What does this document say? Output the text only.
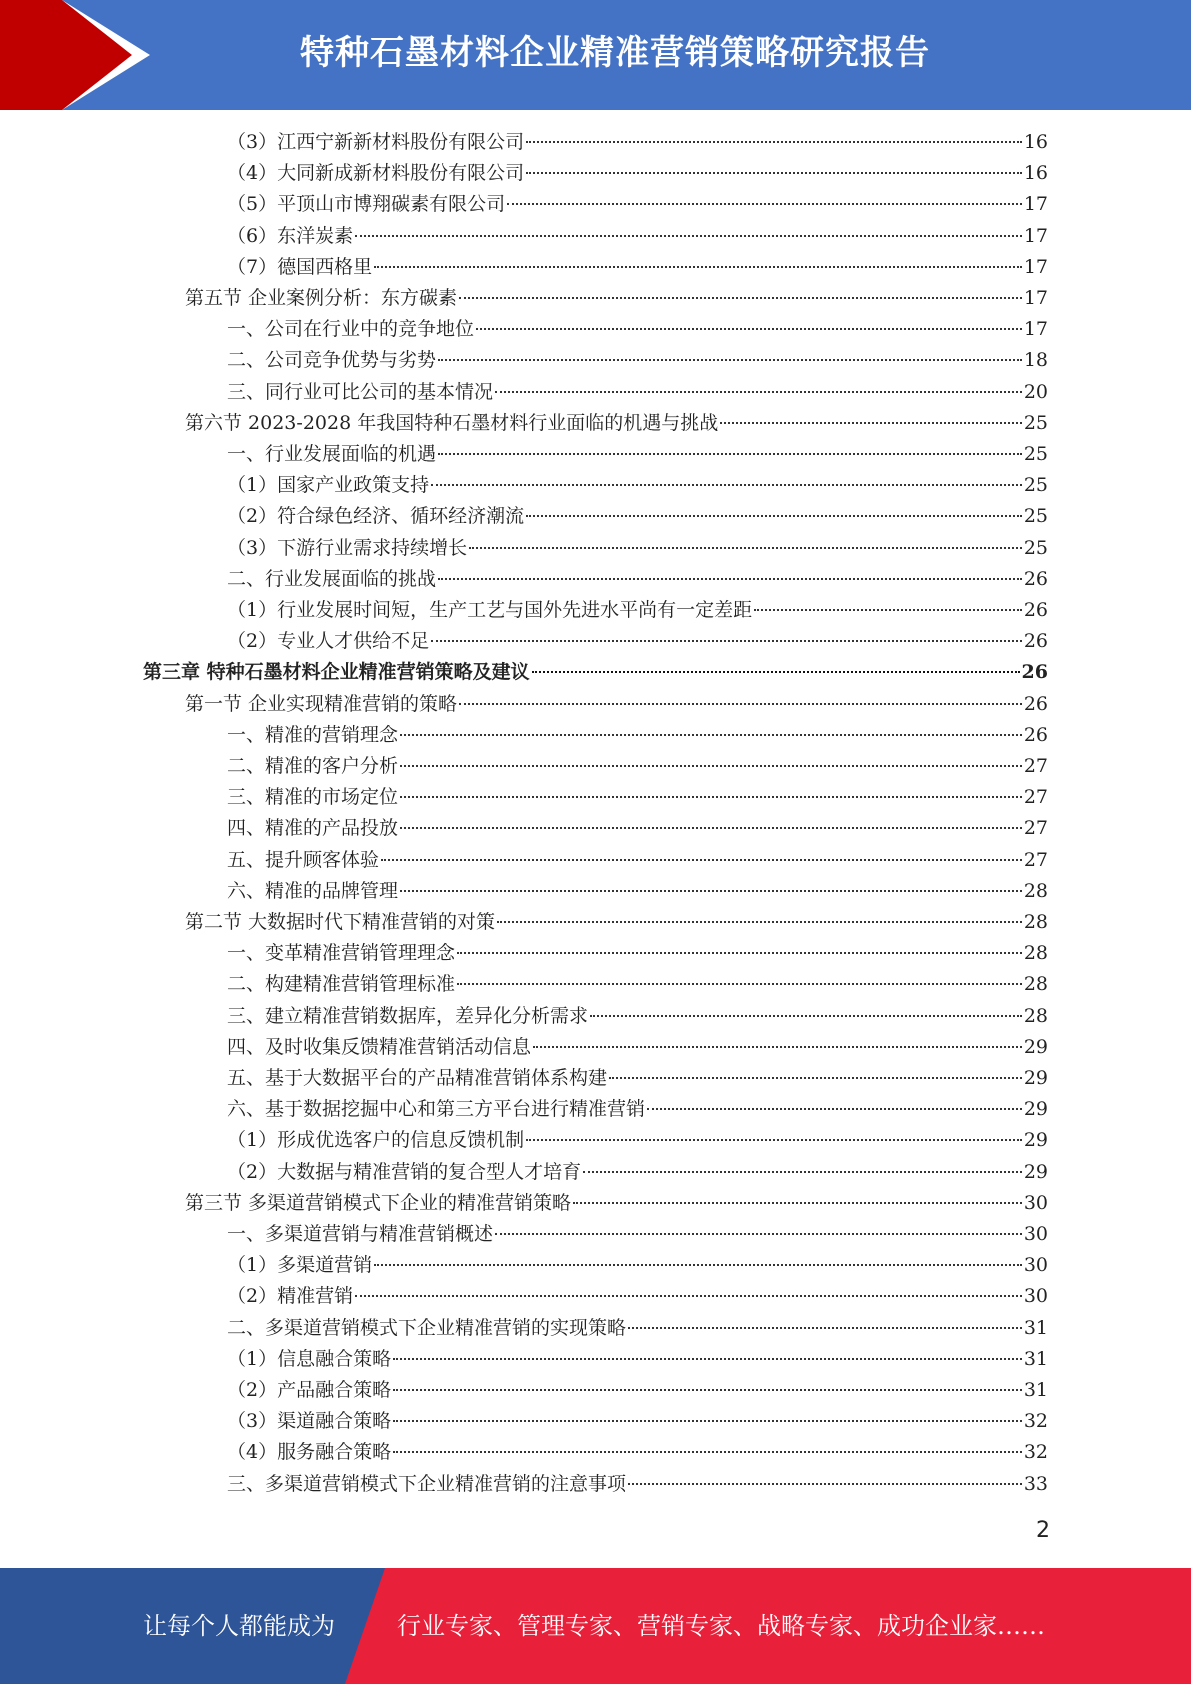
特种石墨材料企业精准营销策略研究报告
（3）江西宁新新材料股份有限公司	16
（4）大同新成新材料股份有限公司	16
（5）平顶山市博翔碳素有限公司	17
（6）东洋炭素	17
（7）德国西格里	17
第五节 企业案例分析：东方碳素	17
一、公司在行业中的竞争地位	17
二、公司竞争优势与劣势	18
三、同行业可比公司的基本情况	20
第六节 2023-2028 年我国特种石墨材料行业面临的机遇与挑战	25
一、行业发展面临的机遇	25
（1）国家产业政策支持	25
（2）符合绿色经济、循环经济潮流	25
（3）下游行业需求持续增长	25
二、行业发展面临的挑战	26
（1）行业发展时间短，生产工艺与国外先进水平尚有一定差距	26
（2）专业人才供给不足	26
第三章 特种石墨材料企业精准营销策略及建议	26
第一节 企业实现精准营销的策略	26
一、精准的营销理念	26
二、精准的客户分析	27
三、精准的市场定位	27
四、精准的产品投放	27
五、提升顾客体验	27
六、精准的品牌管理	28
第二节 大数据时代下精准营销的对策	28
一、变革精准营销管理理念	28
二、构建精准营销管理标准	28
三、建立精准营销数据库，差异化分析需求	28
四、及时收集反馈精准营销活动信息	29
五、基于大数据平台的产品精准营销体系构建	29
六、基于数据挖掘中心和第三方平台进行精准营销	29
（1）形成优选客户的信息反馈机制	29
（2）大数据与精准营销的复合型人才培育	29
第三节 多渠道营销模式下企业的精准营销策略	30
一、多渠道营销与精准营销概述	30
（1）多渠道营销	30
（2）精准营销	30
二、多渠道营销模式下企业精准营销的实现策略	31
（1）信息融合策略	31
（2）产品融合策略	31
（3）渠道融合策略	32
（4）服务融合策略	32
三、多渠道营销模式下企业精准营销的注意事项	33
2
让每个人都能成为	行业专家、管理专家、营销专家、战略专家、成功企业家……
